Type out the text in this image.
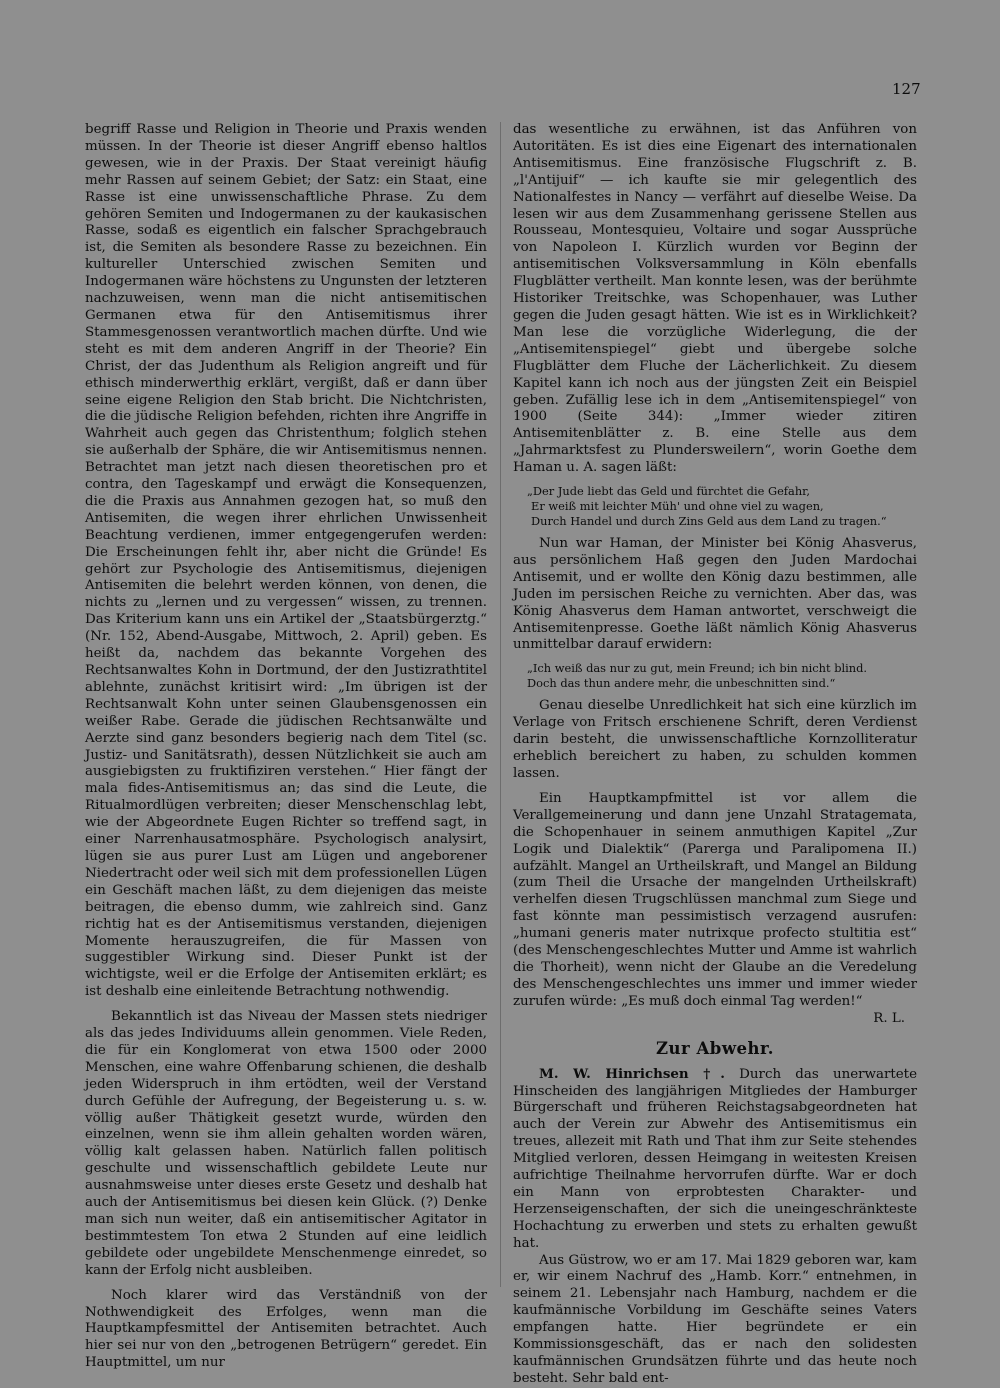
127

begriff Rasse und Religion in Theorie und Praxis wenden müssen. In der Theorie ist dieser Angriff ebenso haltlos gewesen, wie in der Praxis. Der Staat vereinigt häufig mehr Rassen auf seinem Gebiet; der Satz: ein Staat, eine Rasse ist eine unwissenschaftliche Phrase. Zu dem gehören Semiten und Indogermanen zu der kaukasischen Rasse, sodaß es eigentlich ein falscher Sprachgebrauch ist, die Semiten als besondere Rasse zu bezeichnen. Ein kultureller Unterschied zwischen Semiten und Indogermanen wäre höchstens zu Ungunsten der letzteren nachzuweisen, wenn man die nicht antisemitischen Germanen etwa für den Antisemitismus ihrer Stammesgenossen verantwortlich machen dürfte. Und wie steht es mit dem anderen Angriff in der Theorie? Ein Christ, der das Judenthum als Religion angreift und für ethisch minderwerthig erklärt, vergißt, daß er dann über seine eigene Religion den Stab bricht. Die Nichtchristen, die die jüdische Religion befehden, richten ihre Angriffe in Wahrheit auch gegen das Christenthum; folglich stehen sie außerhalb der Sphäre, die wir Antisemitismus nennen. Betrachtet man jetzt nach diesen theoretischen pro et contra, den Tageskampf und erwägt die Konsequenzen, die die Praxis aus Annahmen gezogen hat, so muß den Antisemiten, die wegen ihrer ehrlichen Unwissenheit Beachtung verdienen, immer entgegengerufen werden: Die Erscheinungen fehlt ihr, aber nicht die Gründe! Es gehört zur Psychologie des Antisemitismus, diejenigen Antisemiten die belehrt werden können, von denen, die nichts zu „lernen und zu vergessen“ wissen, zu trennen. Das Kriterium kann uns ein Artikel der „Staatsbürgerztg.“ (Nr. 152, Abend-Ausgabe, Mittwoch, 2. April) geben. Es heißt da, nachdem das bekannte Vorgehen des Rechtsanwaltes Kohn in Dortmund, der den Justizrathtitel ablehnte, zunächst kritisirt wird: „Im übrigen ist der Rechtsanwalt Kohn unter seinen Glaubensgenossen ein weißer Rabe. Gerade die jüdischen Rechtsanwälte und Aerzte sind ganz besonders begierig nach dem Titel (sc. Justiz- und Sanitätsrath), dessen Nützlichkeit sie auch am ausgiebigsten zu fruktifiziren verstehen.“ Hier fängt der mala fides-Antisemitismus an; das sind die Leute, die Ritualmordlügen verbreiten; dieser Menschenschlag lebt, wie der Abgeordnete Eugen Richter so treffend sagt, in einer Narrenhausatmosphäre. Psychologisch analysirt, lügen sie aus purer Lust am Lügen und angeborener Niedertracht oder weil sich mit dem professionellen Lügen ein Geschäft machen läßt, zu dem diejenigen das meiste beitragen, die ebenso dumm, wie zahlreich sind. Ganz richtig hat es der Antisemitismus verstanden, diejenigen Momente herauszugreifen, die für Massen von suggestibler Wirkung sind. Dieser Punkt ist der wichtigste, weil er die Erfolge der Antisemiten erklärt; es ist deshalb eine einleitende Betrachtung nothwendig.

Bekanntlich ist das Niveau der Massen stets niedriger als das jedes Individuums allein genommen. Viele Reden, die für ein Konglomerat von etwa 1500 oder 2000 Menschen, eine wahre Offenbarung schienen, die deshalb jeden Widerspruch in ihm ertödten, weil der Verstand durch Gefühle der Aufregung, der Begeisterung u. s. w. völlig außer Thätigkeit gesetzt wurde, würden den einzelnen, wenn sie ihm allein gehalten worden wären, völlig kalt gelassen haben. Natürlich fallen politisch geschulte und wissenschaftlich gebildete Leute nur ausnahmsweise unter dieses erste Gesetz und deshalb hat auch der Antisemitismus bei diesen kein Glück. (?) Denke man sich nun weiter, daß ein antisemitischer Agitator in bestimmtestem Ton etwa 2 Stunden auf eine leidlich gebildete oder ungebildete Menschenmenge einredet, so kann der Erfolg nicht ausbleiben.

Noch klarer wird das Verständniß von der Nothwendigkeit des Erfolges, wenn man die Hauptkampfesmittel der Antisemiten betrachtet. Auch hier sei nur von den „betrogenen Betrügern“ geredet. Ein Hauptmittel, um nur

das wesentliche zu erwähnen, ist das Anführen von Autoritäten. Es ist dies eine Eigenart des internationalen Antisemitismus. Eine französische Flugschrift z. B. „l'Antijuif“ — ich kaufte sie mir gelegentlich des Nationalfestes in Nancy — verfährt auf dieselbe Weise. Da lesen wir aus dem Zusammenhang gerissene Stellen aus Rousseau, Montesquieu, Voltaire und sogar Aussprüche von Napoleon I. Kürzlich wurden vor Beginn der antisemitischen Volksversammlung in Köln ebenfalls Flugblätter vertheilt. Man konnte lesen, was der berühmte Historiker Treitschke, was Schopenhauer, was Luther gegen die Juden gesagt hätten. Wie ist es in Wirklichkeit? Man lese die vorzügliche Widerlegung, die der „Antisemitenspiegel“ giebt und übergebe solche Flugblätter dem Fluche der Lächerlichkeit. Zu diesem Kapitel kann ich noch aus der jüngsten Zeit ein Beispiel geben. Zufällig lese ich in dem „Antisemitenspiegel“ von 1900 (Seite 344): „Immer wieder zitiren Antisemitenblätter z. B. eine Stelle aus dem „Jahrmarktsfest zu Plundersweilern“, worin Goethe dem Haman u. A. sagen läßt:

„Der Jude liebt das Geld und fürchtet die Gefahr,
Er weiß mit leichter Müh' und ohne viel zu wagen,
Durch Handel und durch Zins Geld aus dem Land zu tragen.“

Nun war Haman, der Minister bei König Ahasverus, aus persönlichem Haß gegen den Juden Mardochai Antisemit, und er wollte den König dazu bestimmen, alle Juden im persischen Reiche zu vernichten. Aber das, was König Ahasverus dem Haman antwortet, verschweigt die Antisemitenpresse. Goethe läßt nämlich König Ahasverus unmittelbar darauf erwidern:

„Ich weiß das nur zu gut, mein Freund; ich bin nicht blind.
Doch das thun andere mehr, die unbeschnitten sind.“

Genau dieselbe Unredlichkeit hat sich eine kürzlich im Verlage von Fritsch erschienene Schrift, deren Verdienst darin besteht, die unwissenschaftliche Kornzolliteratur erheblich bereichert zu haben, zu schulden kommen lassen.

Ein Hauptkampfmittel ist vor allem die Verallgemeinerung und dann jene Unzahl Stratagemata, die Schopenhauer in seinem anmuthigen Kapitel „Zur Logik und Dialektik“ (Parerga und Paralipomena II.) aufzählt. Mangel an Urtheilskraft, und Mangel an Bildung (zum Theil die Ursache der mangelnden Urtheilskraft) verhelfen diesen Trugschlüssen manchmal zum Siege und fast könnte man pessimistisch verzagend ausrufen: „humani generis mater nutrixque profecto stultitia est“ (des Menschengeschlechtes Mutter und Amme ist wahrlich die Thorheit), wenn nicht der Glaube an die Veredelung des Menschengeschlechtes uns immer und immer wieder zurufen würde: „Es muß doch einmal Tag werden!“
R. L.

Zur Abwehr.

M. W. Hinrichsen †. Durch das unerwartete Hinscheiden des langjährigen Mitgliedes der Hamburger Bürgerschaft und früheren Reichstagsabgeordneten hat auch der Verein zur Abwehr des Antisemitismus ein treues, allezeit mit Rath und That ihm zur Seite stehendes Mitglied verloren, dessen Heimgang in weitesten Kreisen aufrichtige Theilnahme hervorrufen dürfte. War er doch ein Mann von erprobtesten Charakter- und Herzenseigenschaften, der sich die uneingeschränkteste Hochachtung zu erwerben und stets zu erhalten gewußt hat.

Aus Güstrow, wo er am 17. Mai 1829 geboren war, kam er, wir einem Nachruf des „Hamb. Korr.“ entnehmen, in seinem 21. Lebensjahr nach Hamburg, nachdem er die kaufmännische Vorbildung im Geschäfte seines Vaters empfangen hatte. Hier begründete er ein Kommissionsgeschäft, das er nach den solidesten kaufmännischen Grundsätzen führte und das heute noch besteht. Sehr bald ent-
